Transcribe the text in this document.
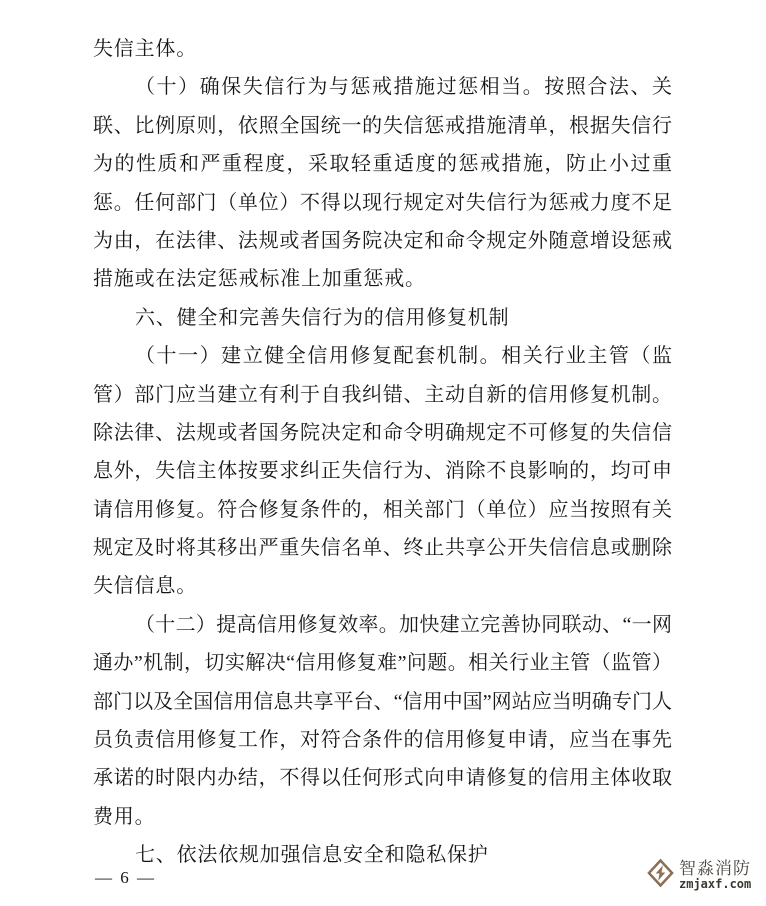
失信主体。
（十）确保失信行为与惩戒措施过惩相当。按照合法、关
联、比例原则，依照全国统一的失信惩戒措施清单，根据失信行
为的性质和严重程度，采取轻重适度的惩戒措施，防止小过重
惩。任何部门（单位）不得以现行规定对失信行为惩戒力度不足
为由，在法律、法规或者国务院决定和命令规定外随意增设惩戒
措施或在法定惩戒标准上加重惩戒。
六、健全和完善失信行为的信用修复机制
（十一）建立健全信用修复配套机制。相关行业主管（监
管）部门应当建立有利于自我纠错、主动自新的信用修复机制。
除法律、法规或者国务院决定和命令明确规定不可修复的失信信
息外，失信主体按要求纠正失信行为、消除不良影响的，均可申
请信用修复。符合修复条件的，相关部门（单位）应当按照有关
规定及时将其移出严重失信名单、终止共享公开失信信息或删除
失信信息。
（十二）提高信用修复效率。加快建立完善协同联动、“一网
通办”机制，切实解决“信用修复难”问题。相关行业主管（监管）
部门以及全国信用信息共享平台、“信用中国”网站应当明确专门人
员负责信用修复工作，对符合条件的信用修复申请，应当在事先
承诺的时限内办结，不得以任何形式向申请修复的信用主体收取
费用。
七、依法依规加强信息安全和隐私保护
— 6 —	智淼消防
zmjaxf.com
